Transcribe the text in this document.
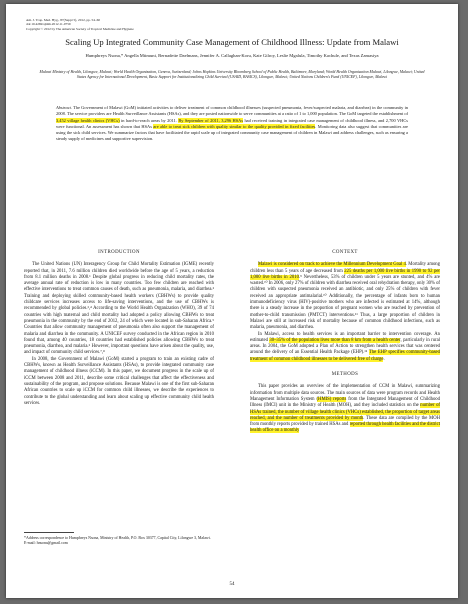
Am. J. Trop. Med. Hyg., 87(Suppl 5), 2012, pp. 54–60
doi:10.4269/ajtmh.2012.11-0759
Copyright © 2012 by The American Society of Tropical Medicine and Hygiene
Scaling Up Integrated Community Case Management of Childhood Illness: Update from Malawi
Humphreys Nsona,* Angella Mtimuni, Bernadette Daelmans, Jennifer A. Callaghan-Koru, Kate Gilroy, Leslie Mgalula, Timothy Kachule, and Texas Zamasiya
Malawi Ministry of Health, Lilongwe, Malawi; World Health Organization, Geneva, Switzerland; Johns Hopkins University Bloomberg School of Public Health, Baltimore, Maryland; World Health Organization Malawi, Lilongwe, Malawi; United States Agency for International Development, Basic Support for Institutionalizing Child Survival (USAID, BASICS), Lilongwe, Malawi; United Nations Children's Fund (UNICEF), Lilongwe, Malawi
Abstract. The Government of Malawi (GoM) initiated activities to deliver treatment of common childhood illnesses (suspected pneumonia, fever/suspected malaria, and diarrhea) in the community in 2008. The service providers are Health Surveillance Assistants (HSAs), and they are posted nationwide to serve communities at a ratio of 1 to 1,000 population. The GoM targeted the establishment of 3,452 village health clinics (VHCs) in hard-to-reach areas by 2011. By September of 2011, 3,296 HSAs had received training in integrated case management of childhood illness, and 2,700 VHCs were functional. An assessment has shown that HSAs are able to treat sick children with quality similar to the quality provided in fixed facilities. Monitoring data also suggest that communities are using the sick child services. We summarize factors that have facilitated the rapid scale up of integrated community case management of children in Malawi and address challenges, such as ensuring a steady supply of medicines and supportive supervision.
INTRODUCTION

The United Nations (UN) Interagency Group for Child Mortality Estimation (IGME) recently reported that, in 2011, 7.6 million children died worldwide before the age of 5 years, a reduction from 8.1 million deaths in 2008.¹ Despite global progress in reducing child mortality rates, the average annual rate of reduction is low in many countries. Too few children are reached with effective interventions to treat common causes of death, such as pneumonia, malaria, and diarrhea.² Training and deploying skilled community-based health workers (CBHWs) to provide quality childcare services increases access to life-saving interventions, and the use of CBHWs is recommended by global policies.³,⁴ According to the World Health Organization (WHO), 39 of 74 countries with high maternal and child mortality had adopted a policy allowing CBHWs to treat pneumonia in the community by the end of 2012, 24 of which were located in sub-Saharan Africa.⁵ Countries that allow community management of pneumonia often also support the management of malaria and diarrhea in the community. A UNICEF survey conducted in the African region in 2010 found that, among 40 countries, 18 countries had established policies allowing CBHWs to treat pneumonia, diarrhea, and malaria.⁶ However, important questions have arisen about the quality, use, and impact of community child services.⁷,⁸

In 2008, the Government of Malawi (GoM) started a program to train an existing cadre of CBHWs, known as Health Surveillance Assistants (HSAs), to provide integrated community case management of childhood illness (iCCM). In this paper, we document progress in the scale up of iCCM between 2008 and 2011, describe some critical challenges that affect the effectiveness and sustainability of the program, and propose solutions. Because Malawi is one of the first sub-Saharan African countries to scale up iCCM for common child illnesses, we describe the experiences to contribute to the global understanding and learn about scaling up effective community child health services.

*Address correspondence to Humphreys Nsona, Ministry of Health, P.O. Box 30377, Capital City, Lilongwe 3, Malawi. E-mail: hnsona@gmail.com
CONTEXT

Malawi is considered on track to achieve the Millennium Development Goal 4. Mortality among children less than 5 years of age decreased from 225 deaths per 1,000 live births in 1990 to 92 per 1,000 live births in 2010.⁹ Nevertheless, 53% of children under 5 years are stunted, and 4% are wasted.¹⁰ In 2006, only 27% of children with diarrhea received oral rehydration therapy, only 30% of children with suspected pneumonia received an antibiotic, and only 25% of children with fever received an appropriate antimalarial.¹⁰ Additionally, the percentage of infants born to human immunodeficiency virus (HIV)-positive mothers who are infected is estimated at 14%, although there is a steady increase in the proportion of pregnant women who are reached by prevention of mother-to-child transmission (PMTCT) interventions.¹¹ Thus, a large proportion of children in Malawi are still at increased risk of mortality because of common childhood infections, such as malaria, pneumonia, and diarrhea.

In Malawi, access to health services is an important barrier to intervention coverage. An estimated 30–35% of the population lives more than 8 km from a health center, particularly in rural areas. In 2004, the GoM adopted a Plan of Action to strengthen health services that was centered around the delivery of an Essential Health Package (EHP).¹² The EHP specifies community-based treatment of common childhood illnesses to be delivered free of charge.

METHODS

This paper provides an overview of the implementation of CCM in Malawi, summarizing information from multiple data sources. The main sources of data were program records and Health Management Information System (HMIS) reports from the Integrated Management of Childhood Illness (IMCI) unit in the Ministry of Health (MOH), and they included statistics on the number of HSAs trained, the number of village health clinics (VHCs) established, the proportion of target areas reached, and the number of treatments provided by month. These data are compiled by the MOH from monthly reports provided by trained HSAs and reported through health facilities and the district health office on a monthly

54
